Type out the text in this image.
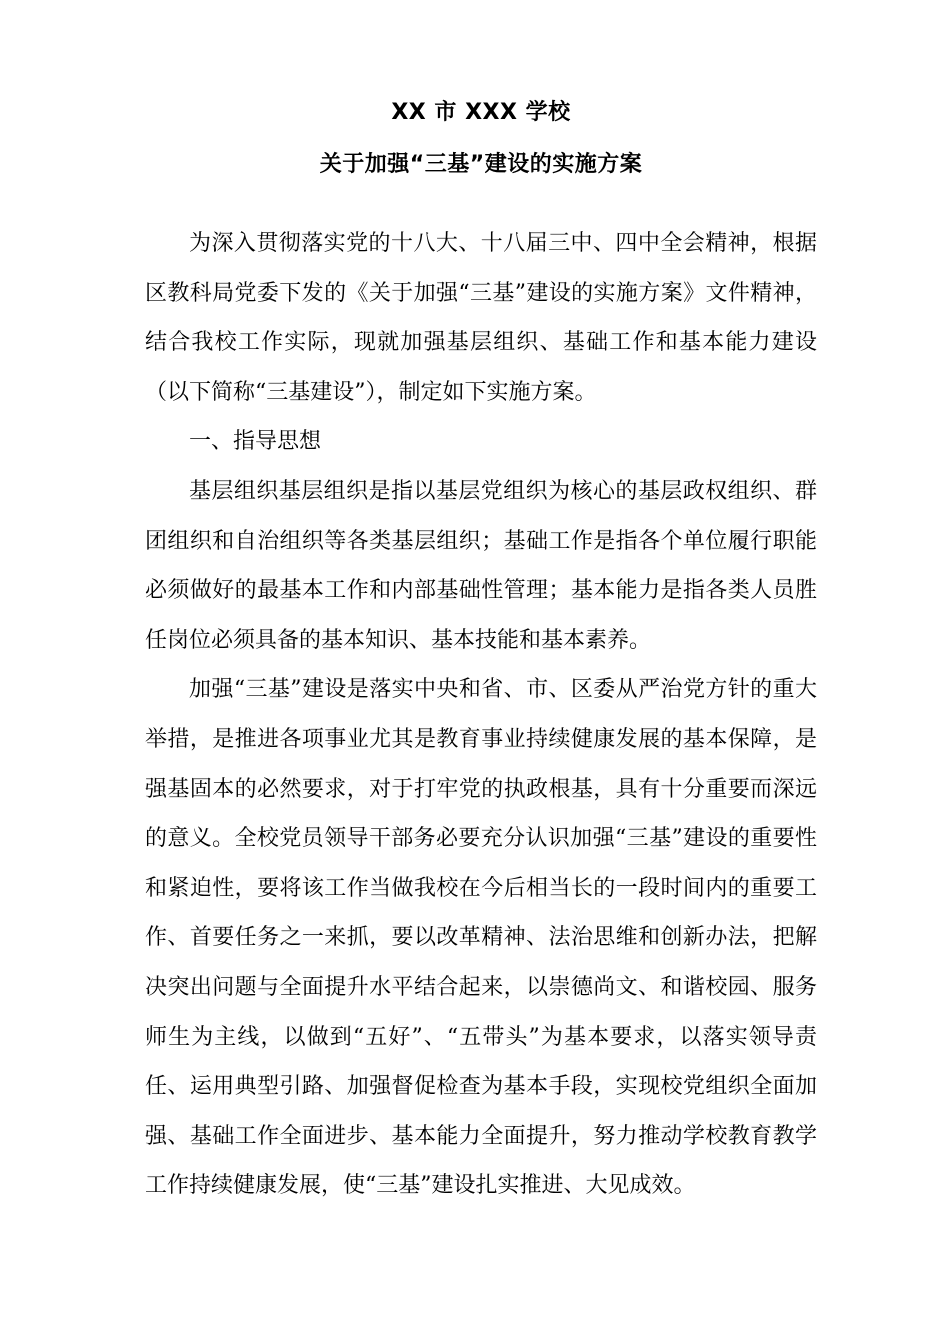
XX 市 XXX 学校
关于加强“三基”建设的实施方案

为深入贯彻落实党的十八大、十八届三中、四中全会精神，根据区教科局党委下发的《关于加强“三基”建设的实施方案》文件精神，结合我校工作实际，现就加强基层组织、基础工作和基本能力建设（以下简称“三基建设”），制定如下实施方案。

一、指导思想

基层组织基层组织是指以基层党组织为核心的基层政权组织、群团组织和自治组织等各类基层组织；基础工作是指各个单位履行职能必须做好的最基本工作和内部基础性管理；基本能力是指各类人员胜任岗位必须具备的基本知识、基本技能和基本素养。

加强“三基”建设是落实中央和省、市、区委从严治党方针的重大举措，是推进各项事业尤其是教育事业持续健康发展的基本保障，是强基固本的必然要求，对于打牢党的执政根基，具有十分重要而深远的意义。全校党员领导干部务必要充分认识加强“三基”建设的重要性和紧迫性，要将该工作当做我校在今后相当长的一段时间内的重要工作、首要任务之一来抓，要以改革精神、法治思维和创新办法，把解决突出问题与全面提升水平结合起来，以崇德尚文、和谐校园、服务师生为主线，以做到“五好”、“五带头”为基本要求，以落实领导责任、运用典型引路、加强督促检查为基本手段，实现校党组织全面加强、基础工作全面进步、基本能力全面提升，努力推动学校教育教学工作持续健康发展，使“三基”建设扎实推进、大见成效。
